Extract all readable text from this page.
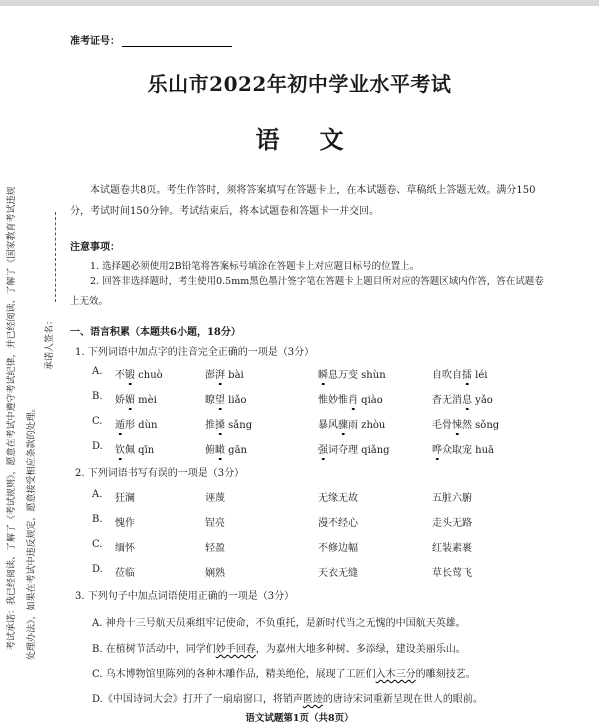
准考证号：
乐山市2022年初中学业水平考试
语文
本试题卷共8页。考生作答时，须将答案填写在答题卡上，在本试题卷、草稿纸上答题无效。满分150分，考试时间150分钟。考试结束后，将本试题卷和答题卡一并交回。
注意事项：
1. 选择题必须使用2B铅笔将答案标号填涂在答题卡上对应题目标号的位置上。
2. 回答非选择题时，考生使用0.5mm黑色墨汁签字笔在答题卡上题目所对应的答题区域内作答，答在试题卷上无效。
一、语言积累（本题共6小题，18分）
1. 下列词语中加点字的注音完全正确的一项是（3分）
A. 不锻 chuò	澎湃 bài	瞬息万变 shùn	自吹自擂 léi
B. 娇媚 mèi	瞭望 liǎo	惟妙惟肖 qiào	杳无消息 yǎo
C. 遁形 dùn	推搡 sǎng	暴风骤雨 zhòu	毛骨悚然 sǒng
D. 钦佩 qīn	俯瞰 gān	强词夺理 qiǎng	哗众取宠 huā
2. 下列词语书写有误的一项是（3分）
A. 狂澜	诬蔑	无缘无故	五脏六腑
B. 愧作	锃亮	漫不经心	走头无路
C. 缅怀	轻盈	不修边幅	红装素裹
D. 莅临	娴熟	天衣无缝	草长莺飞
3. 下列句子中加点词语使用正确的一项是（3分）
A. 神舟十三号航天员乘组牢记使命，不负重托，是新时代当之无愧的中国航天英雄。
B. 在植树节活动中，同学们妙手回春，为嘉州大地多种树、多添绿，建设美丽乐山。
C. 乌木博物馆里陈列的各种木雕作品，精美绝伦，展现了工匠们入木三分的雕刻技艺。
D.《中国诗词大会》打开了一扇扇窗口，将销声匿迹的唐诗宋词重新呈现在世人的眼前。
语文试题第1页（共8页）
考试承诺：我已经阅读、了解了《考试规则》，愿意在考试中遵守考试纪律，并已经阅读、了解了《国家教育考试违规	处理办法》，如果在考试中违反规定，愿意接受相应条款的处理。
承诺人签名：
